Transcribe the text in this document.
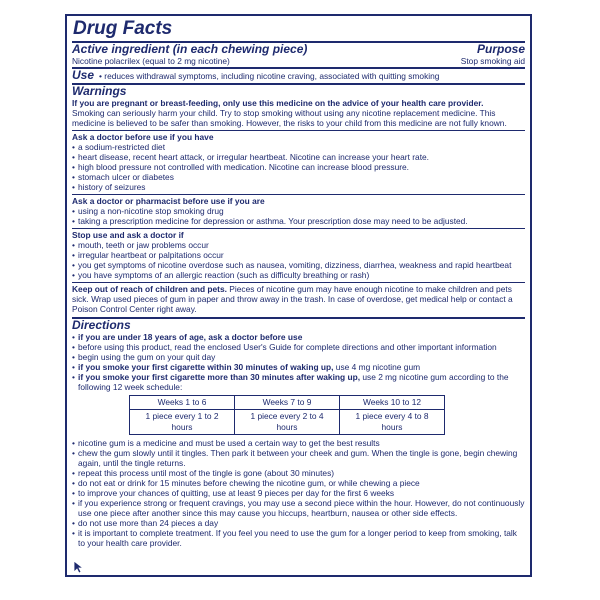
Drug Facts
Active ingredient (in each chewing piece)	Purpose
Nicotine polacrilex (equal to 2 mg nicotine)	Stop smoking aid
Use • reduces withdrawal symptoms, including nicotine craving, associated with quitting smoking
Warnings
If you are pregnant or breast-feeding, only use this medicine on the advice of your health care provider.
Smoking can seriously harm your child. Try to stop smoking without using any nicotine replacement medicine. This medicine is believed to be safer than smoking. However, the risks to your child from this medicine are not fully known.
Ask a doctor before use if you have
• a sodium-restricted diet
• heart disease, recent heart attack, or irregular heartbeat. Nicotine can increase your heart rate.
• high blood pressure not controlled with medication. Nicotine can increase blood pressure.
• stomach ulcer or diabetes
• history of seizures
Ask a doctor or pharmacist before use if you are
• using a non-nicotine stop smoking drug
• taking a prescription medicine for depression or asthma. Your prescription dose may need to be adjusted.
Stop use and ask a doctor if
• mouth, teeth or jaw problems occur
• irregular heartbeat or palpitations occur
• you get symptoms of nicotine overdose such as nausea, vomiting, dizziness, diarrhea, weakness and rapid heartbeat
• you have symptoms of an allergic reaction (such as difficulty breathing or rash)
Keep out of reach of children and pets. Pieces of nicotine gum may have enough nicotine to make children and pets sick. Wrap used pieces of gum in paper and throw away in the trash. In case of overdose, get medical help or contact a Poison Control Center right away.
Directions
• if you are under 18 years of age, ask a doctor before use
• before using this product, read the enclosed User's Guide for complete directions and other important information
• begin using the gum on your quit day
• if you smoke your first cigarette within 30 minutes of waking up, use 4 mg nicotine gum
• if you smoke your first cigarette more than 30 minutes after waking up, use 2 mg nicotine gum according to the following 12 week schedule:
Weeks 1 to 6	Weeks 7 to 9	Weeks 10 to 12
1 piece every 1 to 2 hours	1 piece every 2 to 4 hours	1 piece every 4 to 8 hours
• nicotine gum is a medicine and must be used a certain way to get the best results
• chew the gum slowly until it tingles. Then park it between your cheek and gum. When the tingle is gone, begin chewing again, until the tingle returns.
• repeat this process until most of the tingle is gone (about 30 minutes)
• do not eat or drink for 15 minutes before chewing the nicotine gum, or while chewing a piece
• to improve your chances of quitting, use at least 9 pieces per day for the first 6 weeks
• if you experience strong or frequent cravings, you may use a second piece within the hour. However, do not continuously use one piece after another since this may cause you hiccups, heartburn, nausea or other side effects.
• do not use more than 24 pieces a day
• it is important to complete treatment. If you feel you need to use the gum for a longer period to keep from smoking, talk to your health care provider.
